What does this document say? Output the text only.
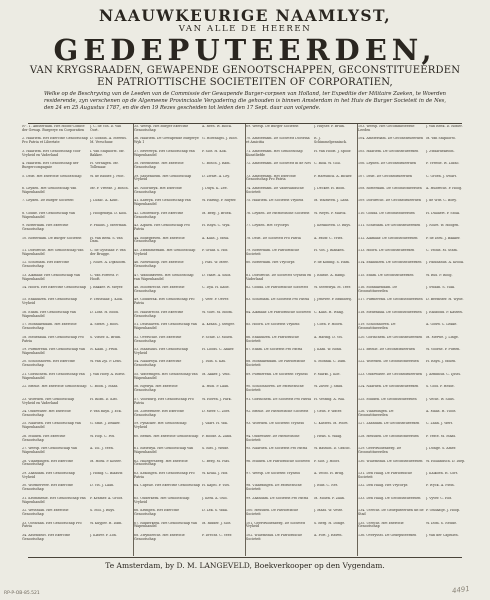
NAAUWKEURIGE NAAMLYST,
VAN ALLE DE HEEREN
GEDEPUTEERDEN,
VAN KRYGSRAADEN, GEWAPENDE GENOOTSCHAPPEN, GECONSTITUEERDEN
EN PATRIOTTISCHE SOCIETEITEN OF CORPORATIEN,
Welke op de Beschryving van de Leeden van de Commissie der Gewapende Burger-corpsen van Holland, ter Expeditie der Militaire Zaeken, te Woerden residerende, zyn verschenen op de Algemeene Provinciaale Vergadering die gehouden is binnen Amsterdam in het Huis de Burger Societeit in de Nes, den 24 en 25 Augustus 1787, en die den 19 Rezes gescheiden tot leiden den 17 Sept. daar aan volgende.
N°. 1. Amsterdam. Het Hoofd-Comite der Gewap. Burgerye en Corporatien
J. C. de Vos. D. van Oort.
2. Haarlem. Het Exercitie Genootschap Pro Patria et Libertate
D. Goddin. A. Merens. M. Verschuur.
3. Haarlem. Het Genootschap Voor Vryheid en Vaderland
I. van Staphorst. Mr. Bakker.
4. Haarlem. Het Genootschap der Burgercompagnie
H. Verhagen. Mr. Tollenaar.
5. Delft. Het Exercitie Genootschap	W. de Ridder. J. Poot.
6. Leyden. Het Genootschap van Wapenhandel
Mr. P. Vreede. J. Bosch.
7. Leyden. De Burger Societeit	J. Luzac. A. Kluit.
8. Goude. Het Genootschap van Wapenhandel
J. Hoogendyk. D. Kool.
9. Rotterdam. Het Exercitie Genootschap
P. Paulus. J. Meerman.
10. Rotterdam. De Burger Societeit	H. van Beek. S. van Dam.
11. Dordrecht. Het Genootschap van Wapenhandel
C. de Gyselaar. P. van der Brugge.
12. Schiedam. Het Exercitie Genootschap
J. Nolet. A. Dijxhoorn.
13. Alkmaar. Het Genootschap van Wapenhandel
C. van Foreest. P. Hooft.
14. Hoorn. Het Exercitie Genootschap	J. Bakker. W. Meyer.
15. Enkhuizen. Het Genootschap Vryheid
P. Tesselaar. J. Klok.
16. Edam. Het Genootschap van Wapenhandel
D. Lont. H. Bood.
17. Monnikendam. Het Exercitie Genootschap
A. Swart. J. Roos.
18. Medenblik. Het Genootschap Pro Patria
S. Visser. K. Bruin.
19. Purmerend. Het Genootschap van Wapenhandel
N. Kaan. J. Pruis.
20. Schoonhoven. Het Exercitie Genootschap
W. van Zyl. P. Lens.
21. Gorinchem. Het Genootschap van Wapenhandel
J. van Hoey. A. Roest.
22. Brielle. Het Exercitie Genootschap	C. Boon. J. Maas.
23. Woerden. Het Genootschap Vryheid en Vaderland
H. Blom. D. Kist.
24. Oudewater. Het Exercitie Genootschap
P. van Rhyn. J. Eck.
25. Naarden. Het Genootschap van Wapenhandel
G. Smit. J. Dekker.
26. Muiden. Het Exercitie Genootschap
W. Hop. C. Pos.
27. Weesp. Het Genootschap van Wapenhandel
A. Tol. J. Veen.
28. Vlaardingen. Het Exercitie Genootschap
M. Hoek. P. Koster.
29. Zaandam. Het Genootschap Vryheid
J. Honig. C. Blaauw.
30. Wormerveer. Het Exercitie Genootschap
D. Vis. J. Laan.
31. Krommenie. Het Genootschap van Wapenhandel
P. Kramer. A. Groot.
32. Westzaan. Het Exercitie Genootschap
S. Mol. J. Ruys.
33. Oostzaan. Het Genootschap Pro Patria
W. Kuyper. H. Dam.
34. Assendelft. Het Exercitie Genootschap
J. Klaver. P. Zon.
35. Weesp. Het Burger Exercitie Genootschap
A. Rees. W. Block.
36. Haarlem. De Gewapende Burgerye Wyk 1
G. Hoefnagel. J. Boot.
37. Beverwyk. Het Genootschap van Wapenhandel
P. Slot. H. Kok.
38. Heemstede. Het Exercitie Genootschap
C. Bosch. J. Ram.
39. Sassenheim. Het Genootschap Vryheid
D. Zwart. A. Ley.
40. Noordwyk. Het Exercitie Genootschap
J. Duyn. K. Zee.
41. Katwyk. Het Genootschap van Wapenhandel
W. Haring. P. Ruyter.
42. Leiderdorp. Het Exercitie Genootschap
M. Berg. J. Broek.
43. Alphen. Het Genootschap Pro Patria
H. Rhyn. C. Wyk.
44. Bodegraven. Het Exercitie Genootschap
A. Kaas. J. Melk.
45. Zwammerdam. Het Genootschap Vryheid
P. Graaf. S. Hof.
46. Nieuwkoop. Het Exercitie Genootschap
J. Plas. W. Meer.
47. Waddinxveen. Het Genootschap van Wapenhandel
D. Vaart. A. Sluis.
48. Moordrecht. Het Exercitie Genootschap
C. Dyk. H. Kade.
49. Gouderak. Het Genootschap Pro Patria
J. Veer. P. Oever.
50. Haastrecht. Het Exercitie Genootschap
W. Vliet. M. Boom.
51. Delfshaven. Het Genootschap van Wapenhandel
A. Kraan. J. Steiger.
52. Overschie. Het Exercitie Genootschap
P. Schie. D. Molen.
53. Maassluis. Het Genootschap Vryheid
H. Loods. C. Anker.
54. Naaldwyk. Het Exercitie Genootschap
J. Tuin. S. Kas.
55. Wateringen. Het Genootschap van Wapenhandel
M. Akker. J. Veld.
56. Rijswyk. Het Exercitie Genootschap
A. Huis. P. Laan.
57. Voorburg. Het Genootschap Pro Patria
W. Hoven. J. Park.
58. Zoetermeer. Het Exercitie Genootschap
D. Meer. C. Zoet.
59. Pynacker. Het Genootschap Vryheid
J. Vaart. H. Wal.
60. Berkel. Het Exercitie Genootschap	P. Roode. A. Zand.
61. Bleiswyk. Het Genootschap van Wapenhandel
S. Blei. J. Weide.
62. Hillegersberg. Het Exercitie Genootschap
C. Berg. M. Plas.
63. Kralingen. Het Genootschap Pro Patria
W. Kraal. J. Hof.
64. Capelle. Het Exercitie Genootschap H. Kapel. P. Ysel.
65. Ouderkerk. Het Genootschap Vryheid
J. Kerk. A. Oud.
66. Krimpen. Het Exercitie Genootschap
D. Lek. S. Waal.
67. Ridderkerk. Het Genootschap van Wapenhandel
M. Ridder. J. Slot.
68. Zwyndrecht. Het Exercitie Genootschap
P. Drecht. C. Veer.
69. Weesp. De Burger Societeit	J. Huyser. P. Bruin.
70. Amsterdam. De Societeit Doctrina et Amicitia
R. J. Schimmelpenninck.
71. Amsterdam. Het Genootschap Kunstliefde
H. van Hooft. J. Spoor.
72. Amsterdam. De Societeit in de Nes C. Blok. W. Goll.
73. Amsterdam. Het Exercitie Genootschap Pro Patria
P. Hartsinck. A. Bicker.
74. Amsterdam. De Vaderlandsche Societeit
J. Decker. H. Boon.
75. Haarlem. De Societeit Vryheid	M. Walraven. J. Lans.
76. Leyden. De Patriottische Societeit	W. Weyts. P. Marck.
77. Leyden. Het Vrycorps	J. Kerkhoven. D. Ruys.
78. Delft. De Societeit Pro Patria	A. Pauw. C. Vries.
79. Rotterdam. De Patriottische Societeit
H. Vos. J. Blanken.
80. Rotterdam. Het Vrycorps	P. de Koning. S. Ham.
81. Dordrecht. De Societeit Vryheid en Vaderland
J. Blussé. A. Ramp.
82. Gouda. De Patriottische Societeit	W. Steenwyk. M. Teer.
83. Schiedam. De Societeit Pro Patria	J. Jenever. P. Branderij.
84. Alkmaar. De Patriottische Societeit C. Kaas. H. Waag.
85. Hoorn. De Societeit Vryheid	J. Coen. P. Hoorn.
86. Enkhuizen. De Patriottische Societeit
A. Haring. D. Vis.
87. Edam. De Societeit Pro Patria	J. Kaas. W. Rond.
88. Monnikendam. De Patriottische Societeit
S. Monnik. C. Dam.
89. Purmerend. De Societeit Vryheid	P. Markt. J. Koe.
90. Schoonhoven. De Patriottische Societeit
W. Zilver. J. Smid.
91. Gorinchem. De Societeit Pro Patria H. Vesting. A. Wal.
92. Brielle. De Patriottische Societeit	J. Geus. P. Water.
93. Woerden. De Societeit Vryheid	C. Kasteel. M. Poort.
94. Oudewater. De Patriottische Societeit
J. Heks. S. Waag.
95. Naarden. De Societeit Pro Patria	W. Bastion. D. Gracht.
96. Muiden. De Patriottische Societeit	P. Slot. J. Hooft.
97. Weesp. De Societeit Vryheid	A. Vecht. H. Brug.
98. Vlaardingen. De Patriottische Societeit
J. Buis. C. Net.
99. Zaandam. De Societeit Pro Patria	M. Molen. P. Zaan.
100. Heusden. De Patriottische Societeit
J. Maas. W. Veste.
101. Geertruidenberg. De Societeit Vryheid
S. Berg. H. Donge.
102. Willemstad. De Patriottische Societeit
A. Fort. J. Haven.
103. Weesp. Het Gecommitteerde Leeden
J. van Beek. D. Rosier.
104. Amsterdam. De Geconstitueerden M. van Staphorst.
105. Haarlem. De Geconstitueerden	J. Zwaardekroon.
106. Leyden. De Geconstitueerden	P. Vreede. W. Luzac.
107. Delft. De Geconstitueerden	C. Groen. J. Swart.
108. Rotterdam. De Geconstitueerden	A. Hubrecht. P. Hoog.
109. Dordrecht. De Geconstitueerden	J. de Witt. C. Boey.
110. Gouda. De Geconstitueerden	H. Dullaert. P. Stolk.
111. Schiedam. De Geconstitueerden	J. Nolet. W. Hoogen.
112. Alkmaar. De Geconstitueerden	P. de Dieu. J. Bakker.
113. Hoorn. De Geconstitueerden	C. Velius. M. Stam.
114. Enkhuizen. De Geconstitueerden	J. Paludanus. A. Krook.
115. Edam. De Geconstitueerden	W. Rus. P. Boog.
116. Monnikendam. De Geconstitueerden
J. Swaan. S. Vlak.
117. Purmerend. De Geconstitueerden	D. Beemster. H. Wyde.
118. Medenblik. De Geconstitueerden	J. Radboud. P. Kasteel.
119. Schoonhoven. De Geconstitueerden
A. Gouw. C. Lekke.
120. Gorinchem. De Geconstitueerden	M. Merwe. J. Linge.
121. Brielle. De Geconstitueerden	W. Voorne. P. Putten.
122. Woerden. De Geconstitueerden	H. Rhyn. J. Molen.
123. Oudewater. De Geconstitueerden	J. Arminius. C. IJssel.
124. Naarden. De Geconstitueerden	S. Gooi. P. Heide.
125. Muiden. De Geconstitueerden	J. Vecht. W. Sluis.
126. Vlaardingen. De Geconstitueerden
A. Maas. H. Vloot.
127. Zaandam. De Geconstitueerden	C. Zaan. J. Werf.
128. Heusden. De Geconstitueerden	P. Veste. M. Maas.
129. Geertruidenberg. De Geconstitueerden
J. Donge. S. Amer.
130. Willemstad. De Geconstitueerden	W. Hollandsch. D. Diep.
131. Den Haag. De Patriottische Societeit
J. Kalkoen. H. Cort.
132. Den Haag. Het Vrycorps	P. Wyck. A. Plein.
133. Den Haag. De Geconstitueerden	J. Vyver. C. Hof.
134. Utrecht. De Gedeputeerden uit de Stad
P. Ondaatje. J. Hoop.
135. Utrecht. Het Exercitie Genootschap
W. Dom. S. Neude.
136. Overyssel. De Gedeputeerden	J. van der Capellen.
Te Amsterdam, by D. M. LANGEVELD, Boekverkooper op den Vygendam.
RP-P-OB-85.521	4491
